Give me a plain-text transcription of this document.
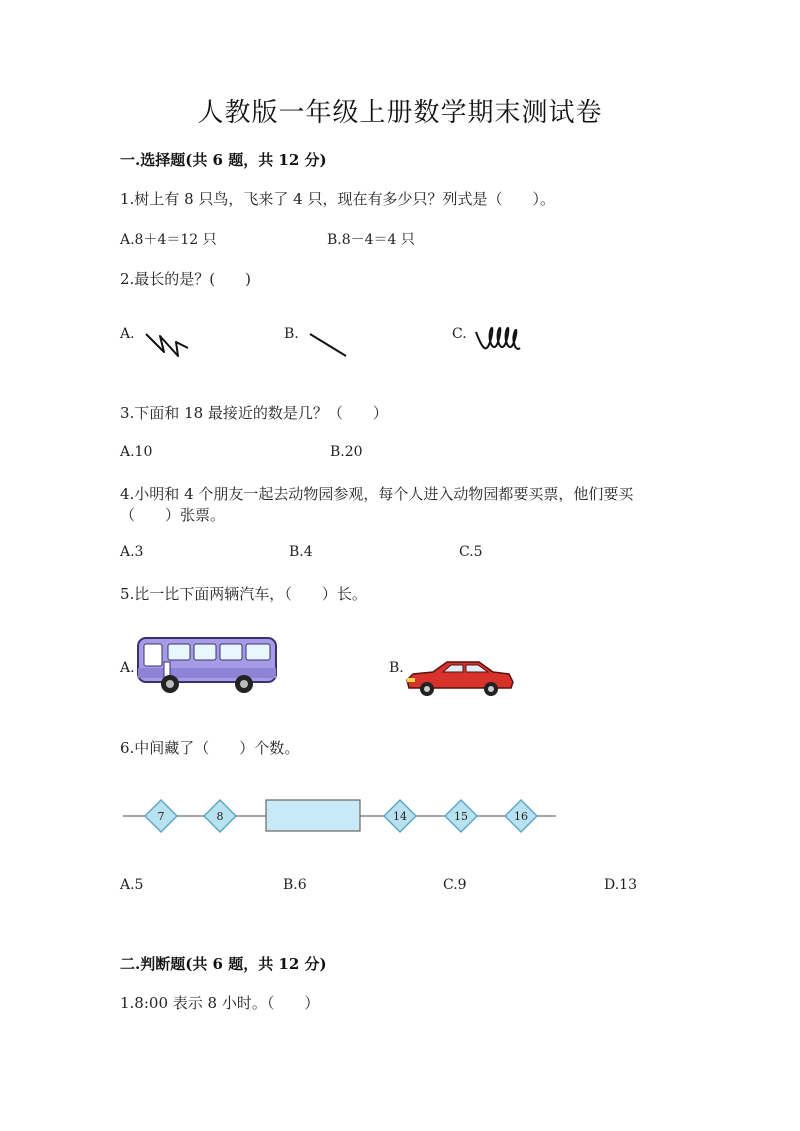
人教版一年级上册数学期末测试卷
一.选择题(共 6 题，共 12 分)
1.树上有 8 只鸟，飞来了 4 只，现在有多少只？列式是（　　）。
A.8＋4＝12 只	B.8－4＝4 只
2.最长的是？(　　)
A.	B.	C.
3.下面和 18 最接近的数是几？（　　）
A.10	B.20
4.小明和 4 个朋友一起去动物园参观，每个人进入动物园都要买票，他们要买
（　　）张票。
A.3	B.4	C.5
5.比一比下面两辆汽车，（　　）长。
A.	B.
6.中间藏了（　　）个数。
7	8	14	15	16
A.5	B.6	C.9	D.13
二.判断题(共 6 题，共 12 分)
1.8:00 表示 8 小时。（　　）
